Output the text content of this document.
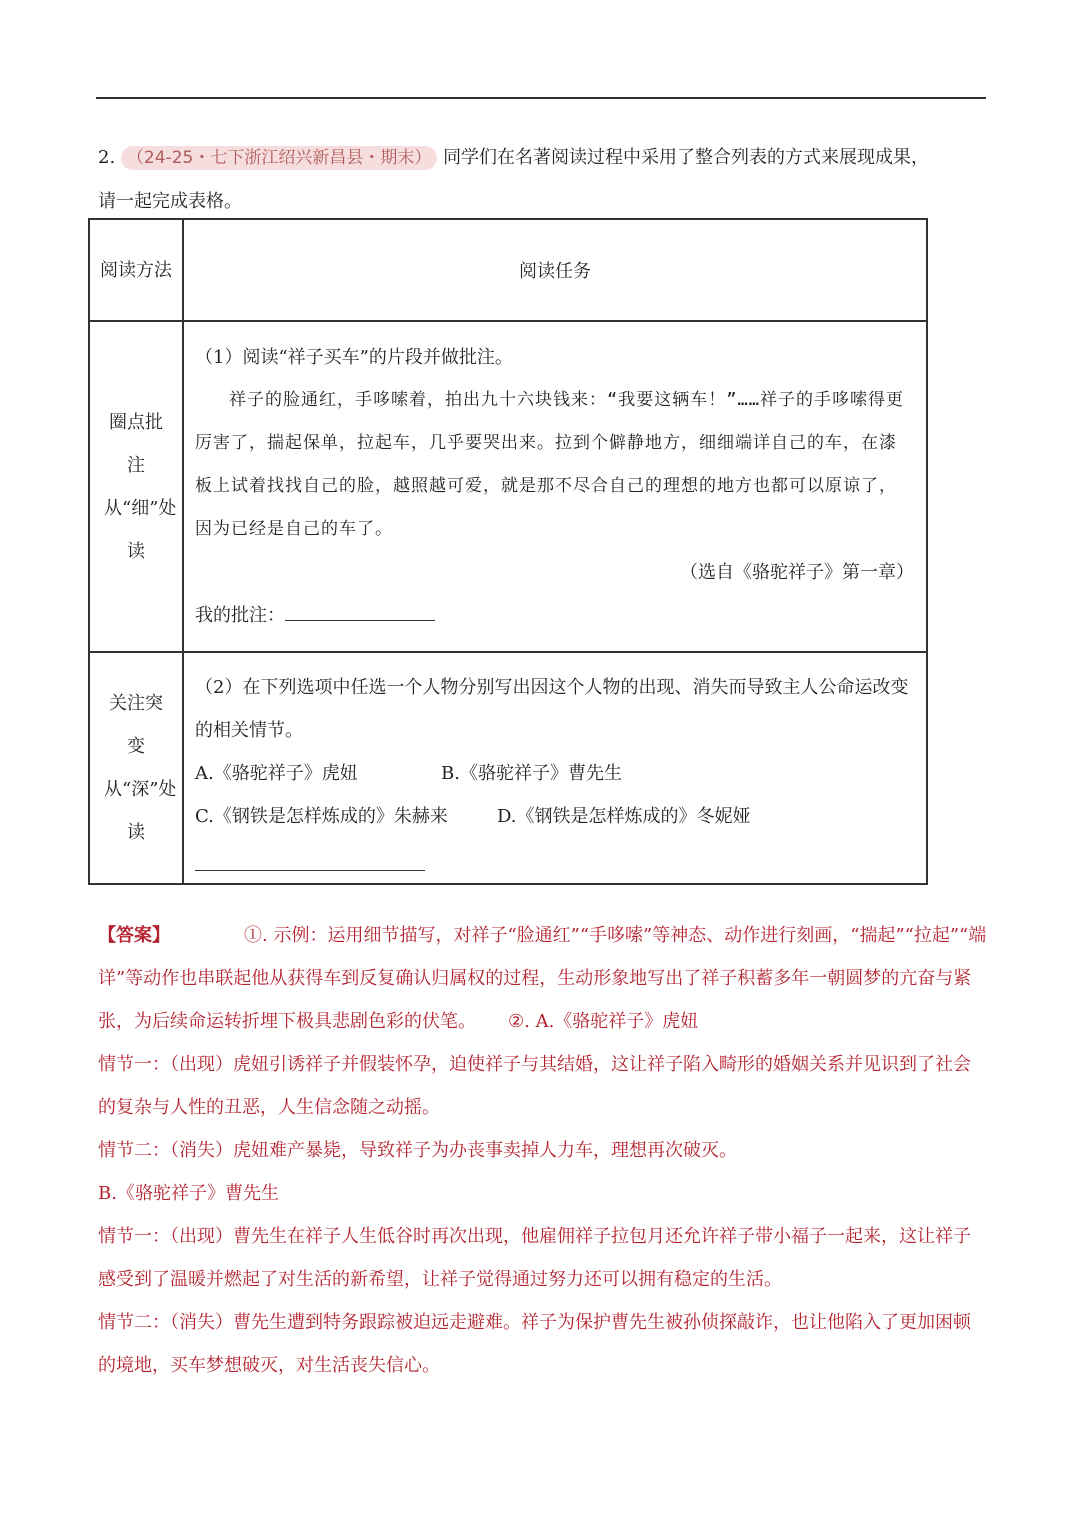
2. （24-25・七下浙江绍兴新昌县・期末） 同学们在名著阅读过程中采用了整合列表的方式来展现成果，
请一起完成表格。
阅读方法	阅读任务

圈点批注从“细”处读	（1）阅读“祥子买车”的片段并做批注。
祥子的脸通红，手哆嗦着，拍出九十六块钱来：“我要这辆车！”……祥子的手哆嗦得更厉害了，揣起保单，拉起车，几乎要哭出来。拉到个僻静地方，细细端详自己的车，在漆板上试着找找自己的脸，越照越可爱，就是那不尽合自己的理想的地方也都可以原谅了，因为已经是自己的车了。
（选自《骆驼祥子》第一章）
我的批注：

关注突变从“深”处读	（2）在下列选项中任选一个人物分别写出因这个人物的出现、消失而导致主人公命运改变的相关情节。
A.《骆驼祥子》虎妞 B.《骆驼祥子》曹先生
C.《钢铁是怎样炼成的》朱赫来 D.《钢铁是怎样炼成的》冬妮娅

【答案】	①. 示例：运用细节描写，对祥子“脸通红”“手哆嗦”等神态、动作进行刻画，“揣起”“拉起”“端详”等动作也串联起他从获得车到反复确认归属权的过程，生动形象地写出了祥子积蓄多年一朝圆梦的亢奋与紧张，为后续命运转折埋下极具悲剧色彩的伏笔。 ②. A.《骆驼祥子》虎妞

情节一：（出现）虎妞引诱祥子并假装怀孕，迫使祥子与其结婚，这让祥子陷入畸形的婚姻关系并见识到了社会的复杂与人性的丑恶，人生信念随之动摇。

情节二：（消失）虎妞难产暴毙，导致祥子为办丧事卖掉人力车，理想再次破灭。

B.《骆驼祥子》曹先生

情节一：（出现）曹先生在祥子人生低谷时再次出现，他雇佣祥子拉包月还允许祥子带小福子一起来，这让祥子感受到了温暖并燃起了对生活的新希望，让祥子觉得通过努力还可以拥有稳定的生活。

情节二：（消失）曹先生遭到特务跟踪被迫远走避难。祥子为保护曹先生被孙侦探敲诈，也让他陷入了更加困顿的境地，买车梦想破灭，对生活丧失信心。
